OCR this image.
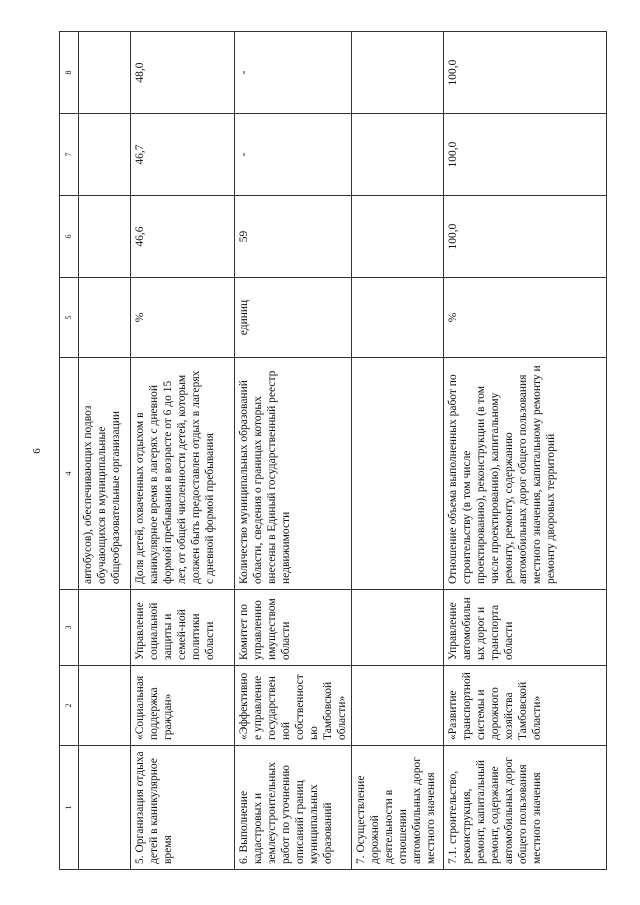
6
1	2	3	4	5	6	7	8
			автобусов), обеспечивающих подвоз обучающихся в муниципальные общеобразовательные организации				
5. Организация отдыха детей в каникулярное время	«Социальная поддержка граждан»	Управление социальной защиты и семей-ной политики области	Доля детей, охваченных отдыхом в каникулярное время в лагерях с дневной формой пребывания в возрасте от 6 до 15 лет, от общей численности детей, которым должен быть предоставлен отдых в лагерях с дневной формой пребывания	%	46,6	46,7	48,0
6. Выполнение кадастровых и землеустроительных работ по уточнению описаний границ муниципальных образований	«Эффективное управление государственной собственностью Тамбовской области»	Комитет по управлению имуществом области	Количество муниципальных образований области, сведения о границах которых внесены в Единый государственный реестр недвижимости	единиц	59	-	-
7. Осуществление дорожной деятельности в отношении автомобильных дорог местного значения							
7.1. строительство, реконструкция, ремонт, капитальный ремонт, содержание автомобильных дорог общего пользования местного значения	«Развитие транспортной системы и дорожного хозяйства Тамбовской области»	Управление автомобильных дорог и транспорта области	Отношение объема выполненных работ по строительству (в том числе проектированию), реконструкции (в том числе проектированию), капитальному ремонту, ремонту, содержанию автомобильных дорог общего пользования местного значения, капитальному ремонту и ремонту дворовых территорий	%	100,0	100,0	100,0
